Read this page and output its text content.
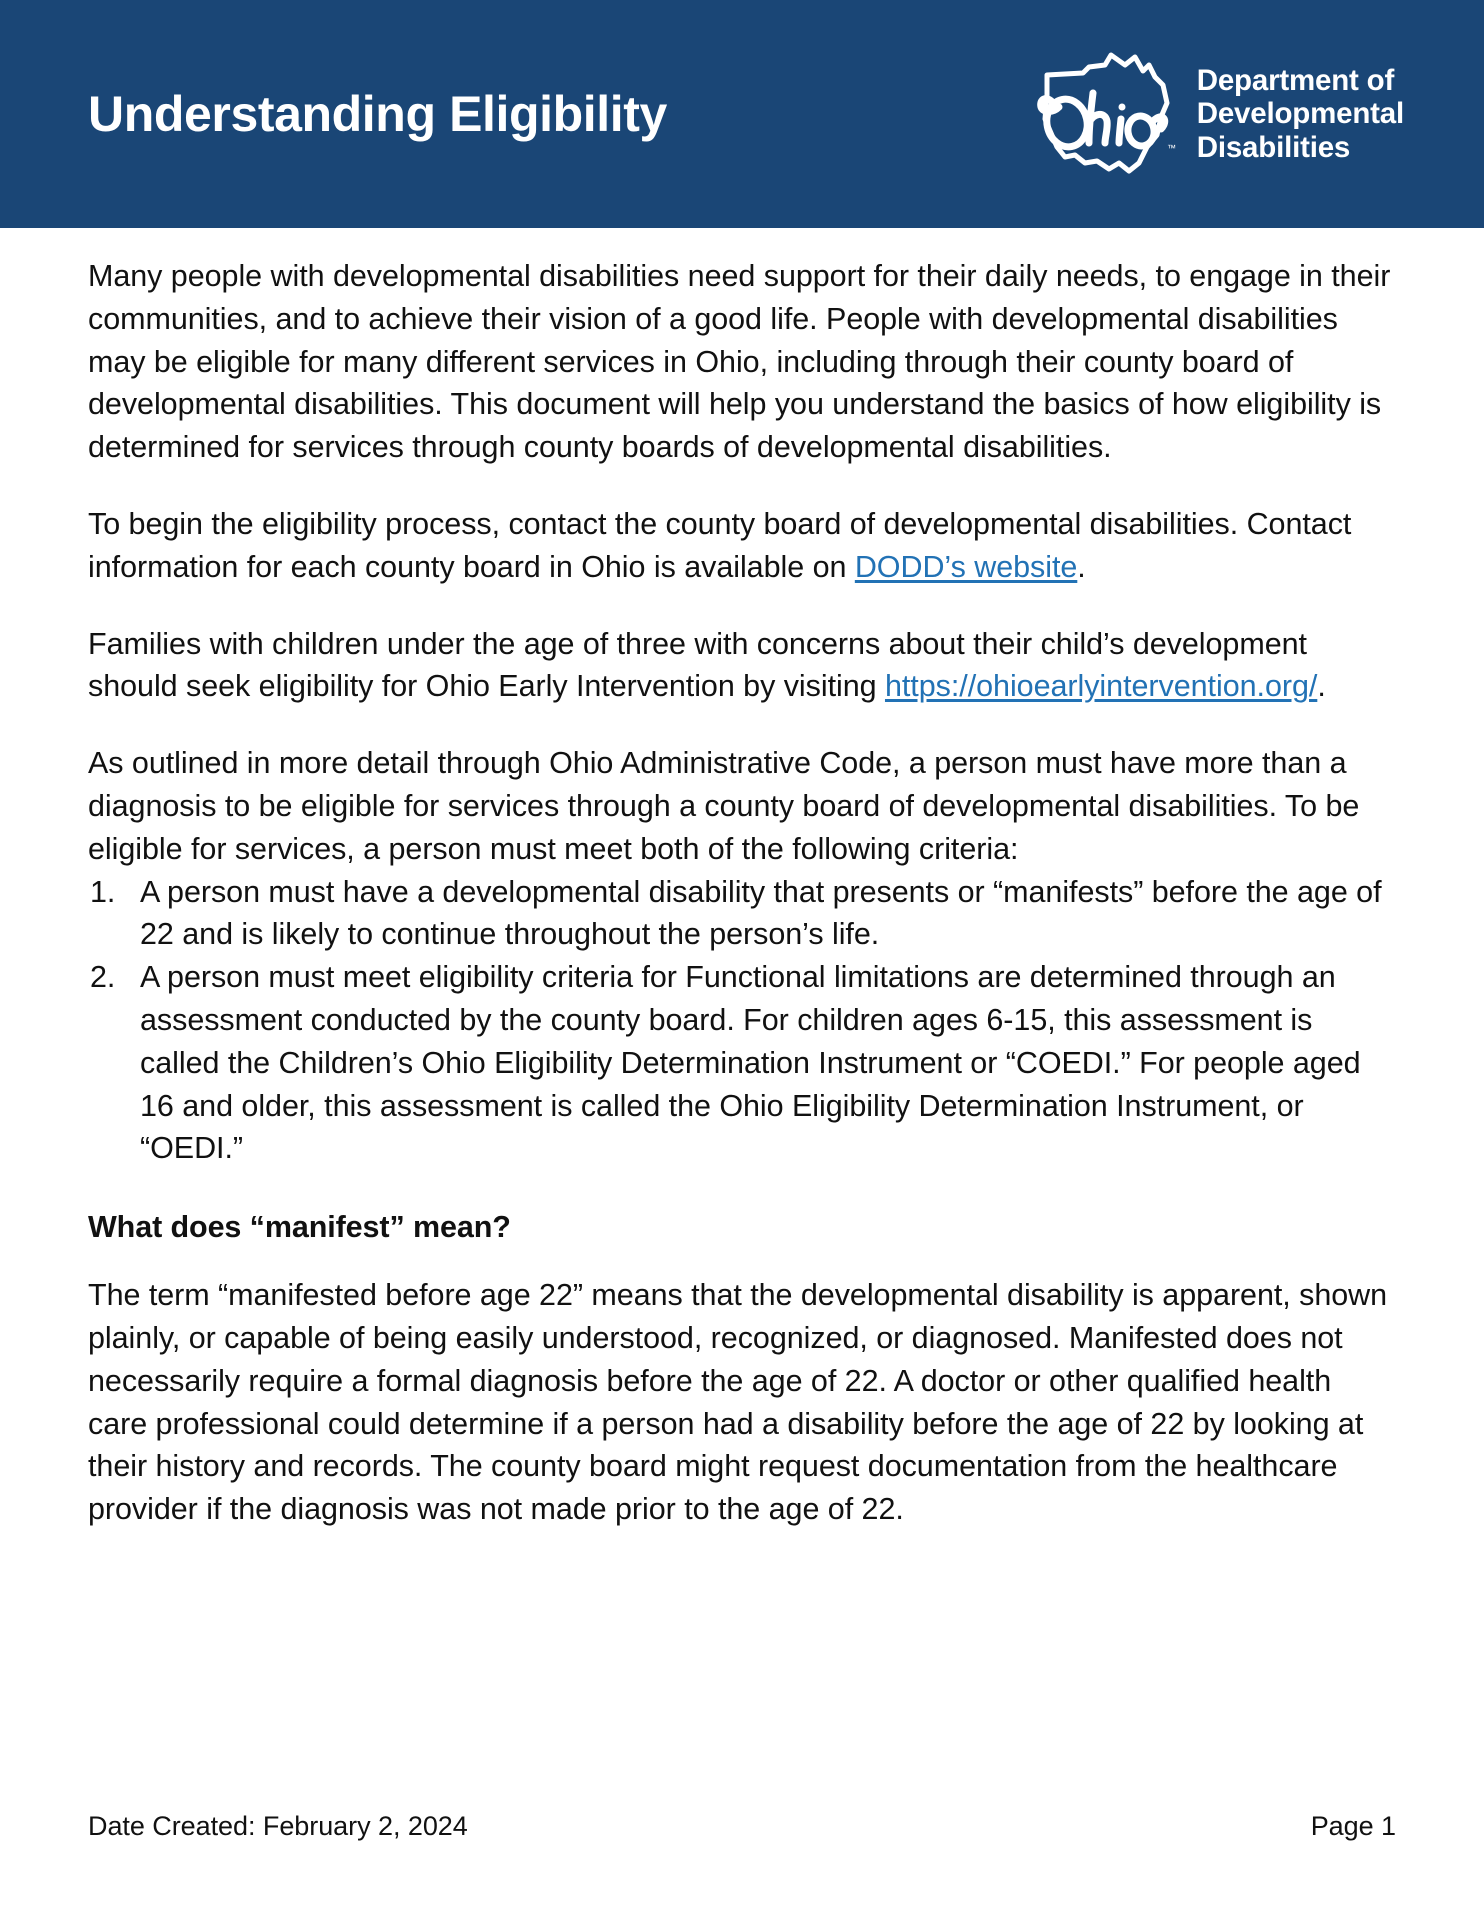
Understanding Eligibility
™
Department of
Developmental
Disabilities

Many people with developmental disabilities need support for their daily needs, to engage in their communities, and to achieve their vision of a good life. People with developmental disabilities may be eligible for many different services in Ohio, including through their county board of developmental disabilities. This document will help you understand the basics of how eligibility is determined for services through county boards of developmental disabilities.

To begin the eligibility process, contact the county board of developmental disabilities. Contact information for each county board in Ohio is available on DODD’s website.

Families with children under the age of three with concerns about their child’s development should seek eligibility for Ohio Early Intervention by visiting https://ohioearlyintervention.org/.

As outlined in more detail through Ohio Administrative Code, a person must have more than a diagnosis to be eligible for services through a county board of developmental disabilities. To be eligible for services, a person must meet both of the following criteria:

A person must have a developmental disability that presents or “manifests” before the age of 22 and is likely to continue throughout the person’s life.
A person must meet eligibility criteria for Functional limitations are determined through an assessment conducted by the county board. For children ages 6-15, this assessment is called the Children’s Ohio Eligibility Determination Instrument or “COEDI.” For people aged 16 and older, this assessment is called the Ohio Eligibility Determination Instrument, or “OEDI.”
What does “manifest” mean?

The term “manifested before age 22” means that the developmental disability is apparent, shown plainly, or capable of being easily understood, recognized, or diagnosed. Manifested does not necessarily require a formal diagnosis before the age of 22. A doctor or other qualified health care professional could determine if a person had a disability before the age of 22 by looking at their history and records. The county board might request documentation from the healthcare provider if the diagnosis was not made prior to the age of 22.

Date Created: February 2, 2024	Page 1
